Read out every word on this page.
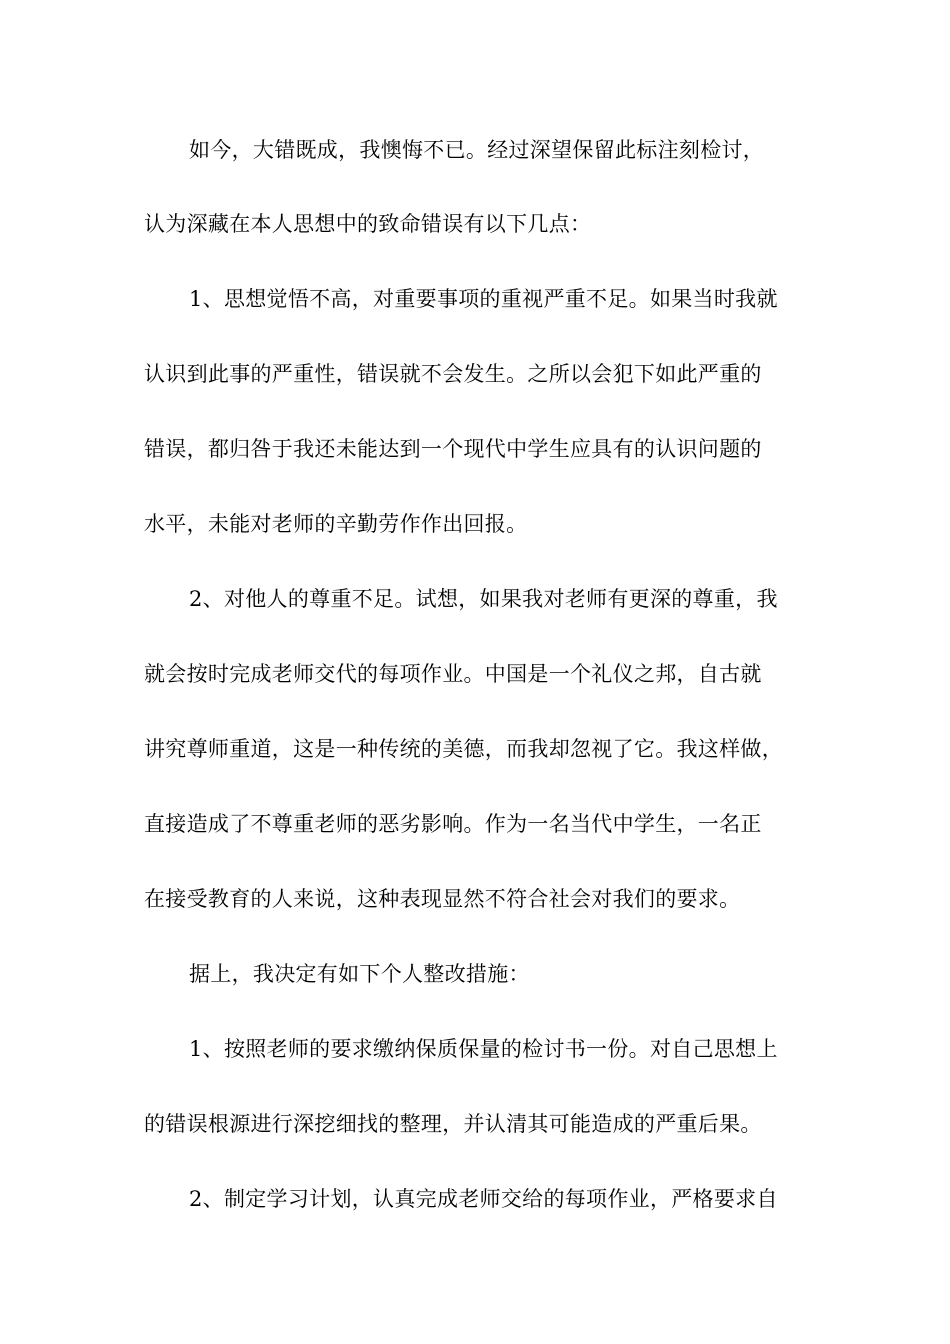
如今，大错既成，我懊悔不已。经过深望保留此标注刻检讨，

认为深藏在本人思想中的致命错误有以下几点：

1、思想觉悟不高，对重要事项的重视严重不足。如果当时我就

认识到此事的严重性，错误就不会发生。之所以会犯下如此严重的

错误，都归咎于我还未能达到一个现代中学生应具有的认识问题的

水平，未能对老师的辛勤劳作作出回报。

2、对他人的尊重不足。试想，如果我对老师有更深的尊重，我

就会按时完成老师交代的每项作业。中国是一个礼仪之邦，自古就

讲究尊师重道，这是一种传统的美德，而我却忽视了它。我这样做，

直接造成了不尊重老师的恶劣影响。作为一名当代中学生，一名正

在接受教育的人来说，这种表现显然不符合社会对我们的要求。

据上，我决定有如下个人整改措施：

1、按照老师的要求缴纳保质保量的检讨书一份。对自己思想上

的错误根源进行深挖细找的整理，并认清其可能造成的严重后果。

2、制定学习计划，认真完成老师交给的每项作业，严格要求自
